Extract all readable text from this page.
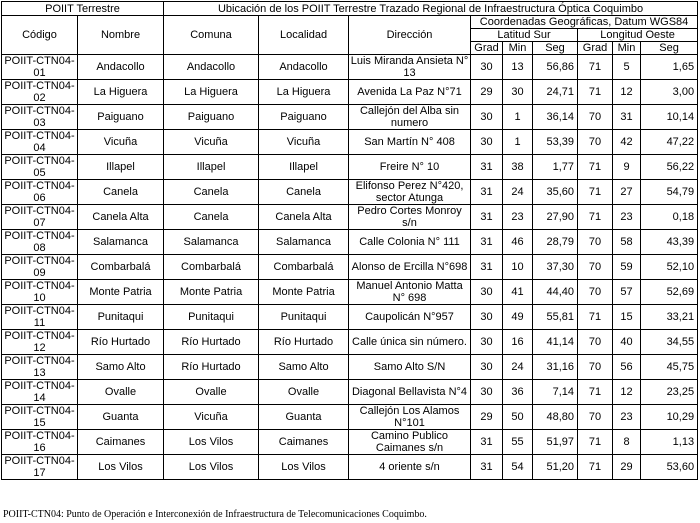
POIIT Terrestre		Ubicación de los POIIT Terrestre Trazado Regional de Infraestructura Óptica Coquimbo								
Código	Nombre	Comuna	Localidad	Dirección	Coordenadas Geográficas, Datum WGS84					
					Latitud Sur			Longitud Oeste		
					Grad	Min	Seg	Grad	Min	Seg
POIIT-CTN04-01	Andacollo	Andacollo	Andacollo	Luis Miranda Ansieta N° 13	30	13	56,86	71	5	1,65
POIIT-CTN04-02	La Higuera	La Higuera	La Higuera	Avenida La Paz N°71	29	30	24,71	71	12	3,00
POIIT-CTN04-03	Paiguano	Paiguano	Paiguano	Callejón del Alba sin numero	30	1	36,14	70	31	10,14
POIIT-CTN04-04	Vicuña	Vicuña	Vicuña	San Martín N° 408	30	1	53,39	70	42	47,22
POIIT-CTN04-05	Illapel	Illapel	Illapel	Freire N° 10	31	38	1,77	71	9	56,22
POIIT-CTN04-06	Canela	Canela	Canela	Elifonso Perez N°420, sector Atunga	31	24	35,60	71	27	54,79
POIIT-CTN04-07	Canela Alta	Canela	Canela Alta	Pedro Cortes Monroy s/n	31	23	27,90	71	23	0,18
POIIT-CTN04-08	Salamanca	Salamanca	Salamanca	Calle Colonia N° 111	31	46	28,79	70	58	43,39
POIIT-CTN04-09	Combarbalá	Combarbalá	Combarbalá	Alonso de Ercilla N°698	31	10	37,30	70	59	52,10
POIIT-CTN04-10	Monte Patria	Monte Patria	Monte Patria	Manuel Antonio Matta N° 698	30	41	44,40	70	57	52,69
POIIT-CTN04-11	Punitaqui	Punitaqui	Punitaqui	Caupolicán N°957	30	49	55,81	71	15	33,21
POIIT-CTN04-12	Río Hurtado	Río Hurtado	Río Hurtado	Calle única sin número.	30	16	41,14	70	40	34,55
POIIT-CTN04-13	Samo Alto	Río Hurtado	Samo Alto	Samo Alto S/N	30	24	31,16	70	56	45,75
POIIT-CTN04-14	Ovalle	Ovalle	Ovalle	Diagonal Bellavista N°4	30	36	7,14	71	12	23,25
POIIT-CTN04-15	Guanta	Vicuña	Guanta	Callejón Los Alamos N°101	29	50	48,80	70	23	10,29
POIIT-CTN04-16	Caimanes	Los Vilos	Caimanes	Camino Publico Caimanes s/n	31	55	51,97	71	8	1,13
POIIT-CTN04-17	Los Vilos	Los Vilos	Los Vilos	4 oriente s/n	31	54	51,20	71	29	53,60
POIIT-CTN04: Punto de Operación e Interconexión de Infraestructura de Telecomunicaciones Coquimbo.
